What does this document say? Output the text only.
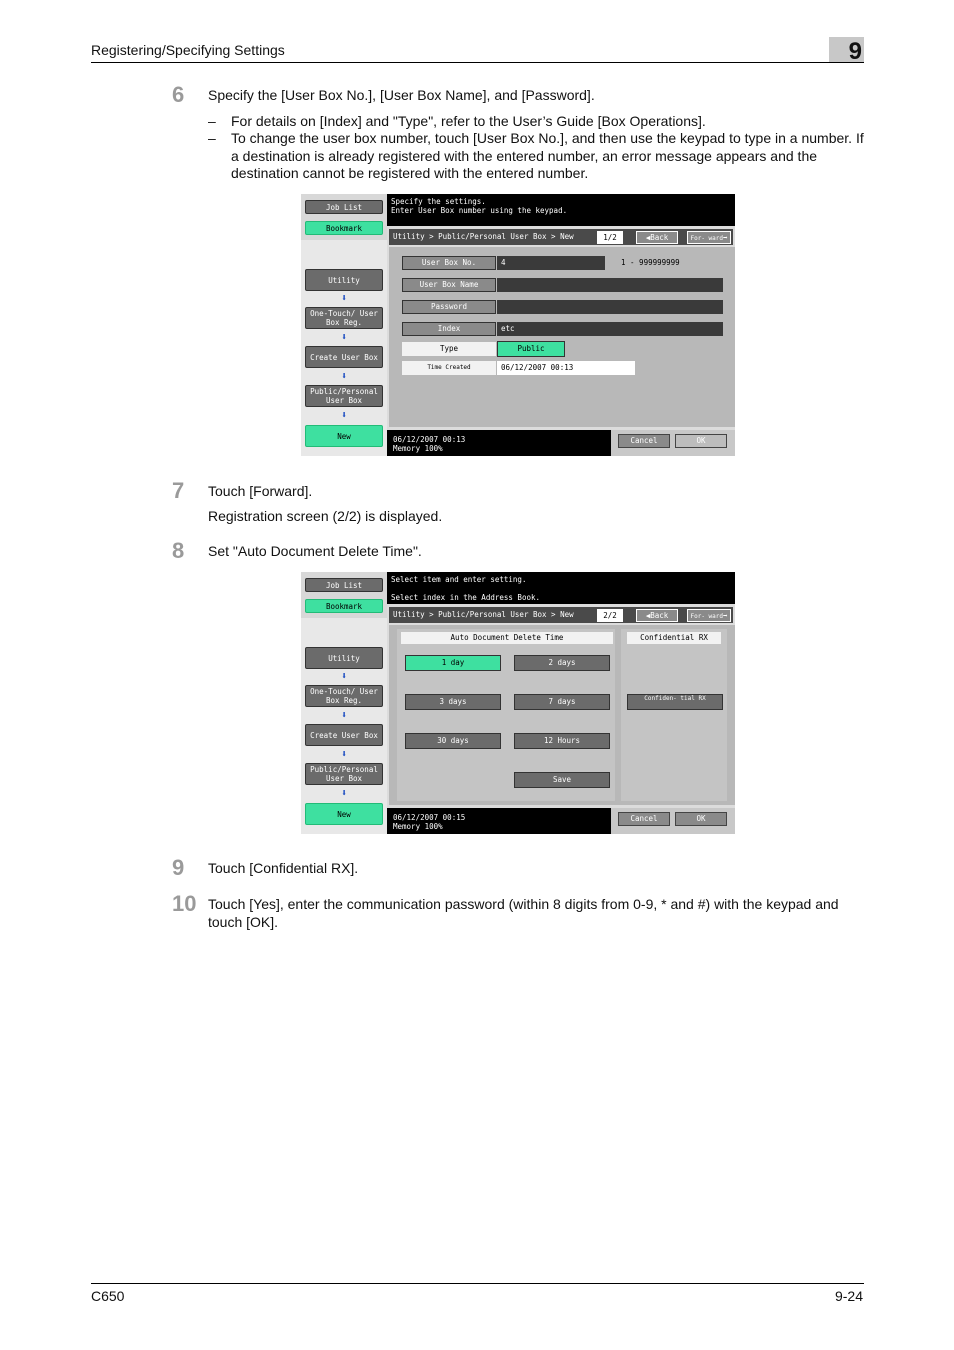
Registering/Specifying Settings	9
6 Specify the [User Box No.], [User Box Name], and [Password].
– For details on [Index] and "Type", refer to the User’s Guide [Box Operations].
– To change the user box number, touch [User Box No.], and then use the keypad to type in a number. If a destination is already registered with the entered number, an error message appears and the destination cannot be registered with the entered number.
Job List
Bookmark
Utility
⬇
One-Touch/ User Box Reg.
⬇
Create User Box
⬇
Public/Personal User Box
⬇
New
Specify the settings.
Enter User Box number using the keypad.
Utility > Public/Personal User Box > New	1/2	◀Back	For- ward➡
User Box No.	4	1 - 999999999
User Box Name
Password
Index	etc
Type	Public
Time Created	06/12/2007 00:13
06/12/2007 00:13
Memory 100%
Cancel	OK
7 Touch [Forward].
Registration screen (2/2) is displayed.
8 Set "Auto Document Delete Time".
Job List
Bookmark
Utility
⬇
One-Touch/ User Box Reg.
⬇
Create User Box
⬇
Public/Personal User Box
⬇
New
Select item and enter setting.
Select index in the Address Book.
Utility > Public/Personal User Box > New	2/2	◀Back	For- ward➡
Auto Document Delete Time	Confidential RX
1 day	2 days
3 days	7 days
30 days	12 Hours
Save
Confiden- tial RX
06/12/2007 00:15
Memory 100%
Cancel	OK
9 Touch [Confidential RX].
10 Touch [Yes], enter the communication password (within 8 digits from 0-9, * and #) with the keypad and touch [OK].
C650	9-24
